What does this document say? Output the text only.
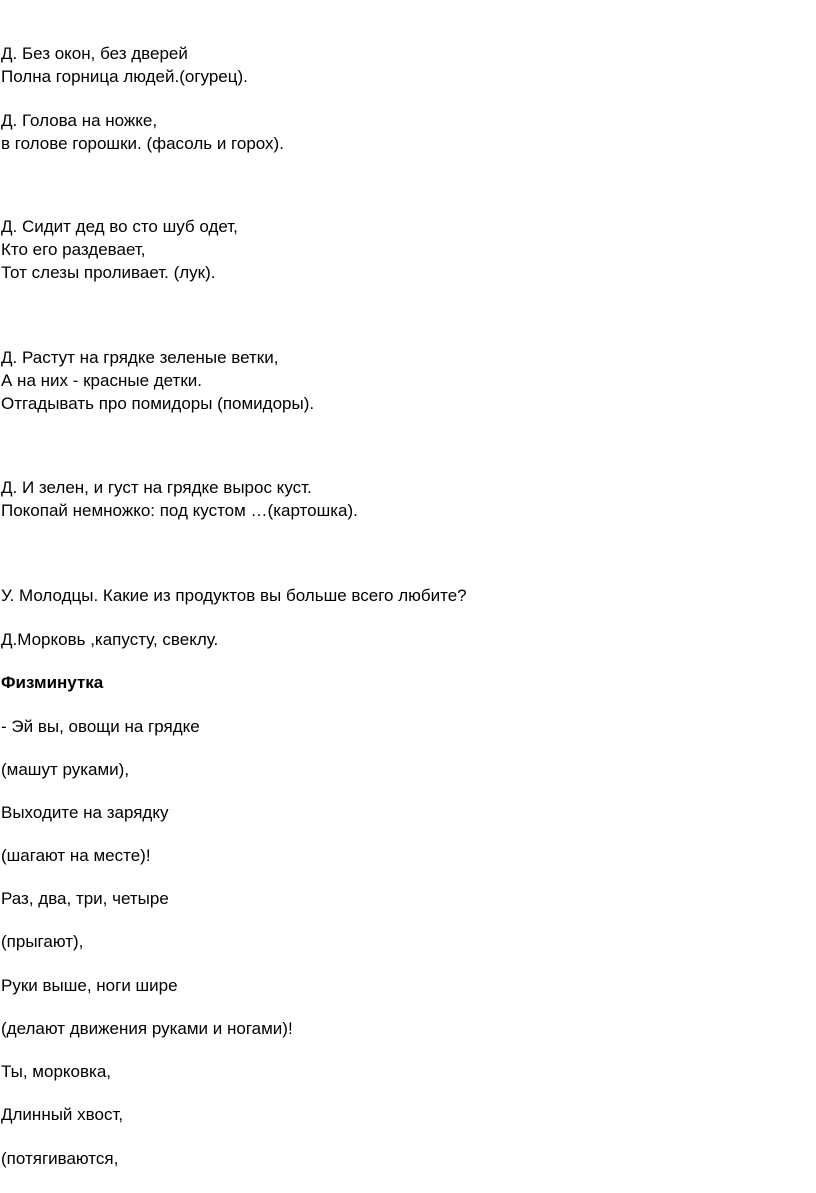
Д. Без окон, без дверей
Полна горница людей.(огурец).
Д. Голова на ножке,
в голове горошки. (фасоль и горох).
Д. Сидит дед во сто шуб одет,
Кто его раздевает,
Тот слезы проливает. (лук).
Д. Растут на грядке зеленые ветки,
А на них - красные детки.
Отгадывать про помидоры (помидоры).
Д. И зелен, и густ на грядке вырос куст.
Покопай немножко: под кустом …(картошка).
У. Молодцы. Какие из продуктов вы больше всего любите?
Д.Морковь ,капусту, свеклу.
Физминутка
- Эй вы, овощи на грядке
(машут руками),
Выходите на зарядку
(шагают на месте)!
Раз, два, три, четыре
(прыгают),
Руки выше, ноги шире
(делают движения руками и ногами)!
Ты, морковка,
Длинный хвост,
(потягиваются,
